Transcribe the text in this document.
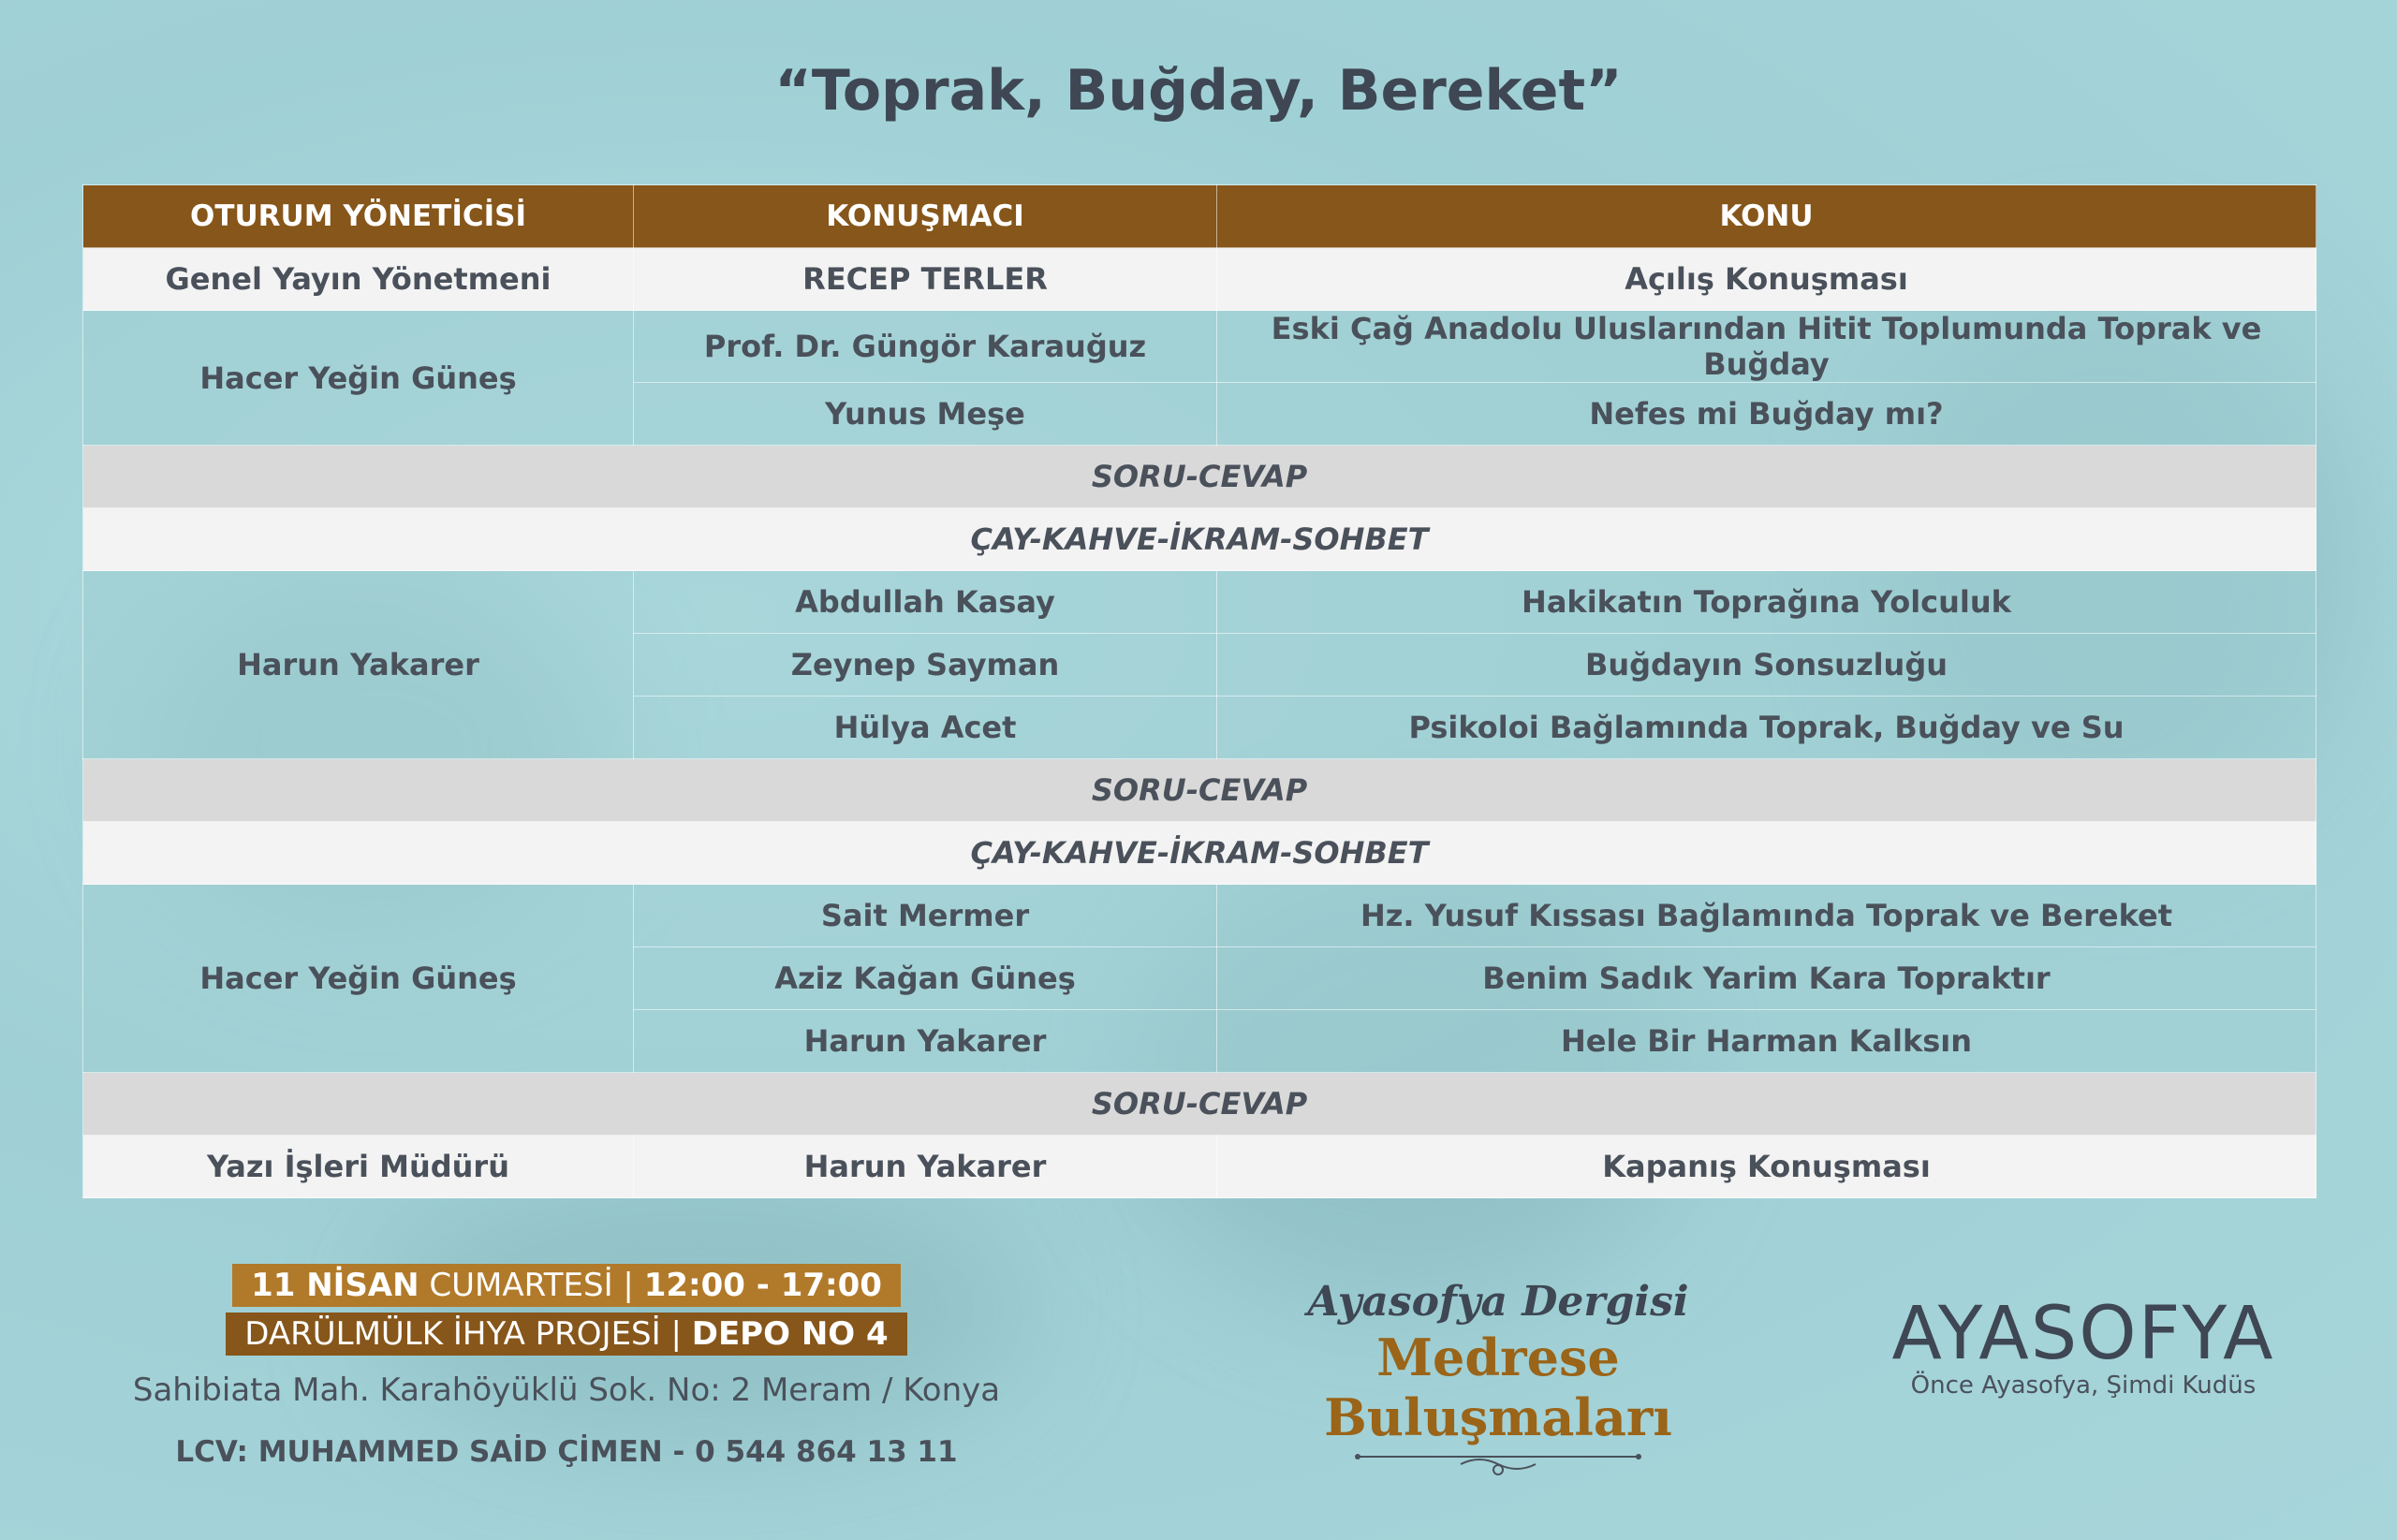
“Toprak, Buğday, Bereket”
OTURUM YÖNETİCİSİ	KONUŞMACI	KONU
Genel Yayın Yönetmeni	RECEP TERLER	Açılış Konuşması
Hacer Yeğin Güneş	Prof. Dr. Güngör Karauğuz	Eski Çağ Anadolu Uluslarından Hitit Toplumunda Toprak ve Buğday
	Yunus Meşe	Nefes mi Buğday mı?
SORU-CEVAP		
ÇAY-KAHVE-İKRAM-SOHBET		
Harun Yakarer	Abdullah Kasay	Hakikatın Toprağına Yolculuk
	Zeynep Sayman	Buğdayın Sonsuzluğu
	Hülya Acet	Psikoloi Bağlamında Toprak, Buğday ve Su
SORU-CEVAP		
ÇAY-KAHVE-İKRAM-SOHBET		
Hacer Yeğin Güneş	Sait Mermer	Hz. Yusuf Kıssası Bağlamında Toprak ve Bereket
	Aziz Kağan Güneş	Benim Sadık Yarim Kara Topraktır
	Harun Yakarer	Hele Bir Harman Kalksın
SORU-CEVAP		
Yazı İşleri Müdürü	Harun Yakarer	Kapanış Konuşması
11 NİSAN CUMARTESİ | 12:00 - 17:00
DARÜLMÜLK İHYA PROJESİ | DEPO NO 4
Sahibiata Mah. Karahöyüklü Sok. No: 2 Meram / Konya
LCV: MUHAMMED SAİD ÇİMEN - 0 544 864 13 11
Ayasofya Dergisi
Medrese Buluşmaları
AYASOFYA
Önce Ayasofya, Şimdi Kudüs
